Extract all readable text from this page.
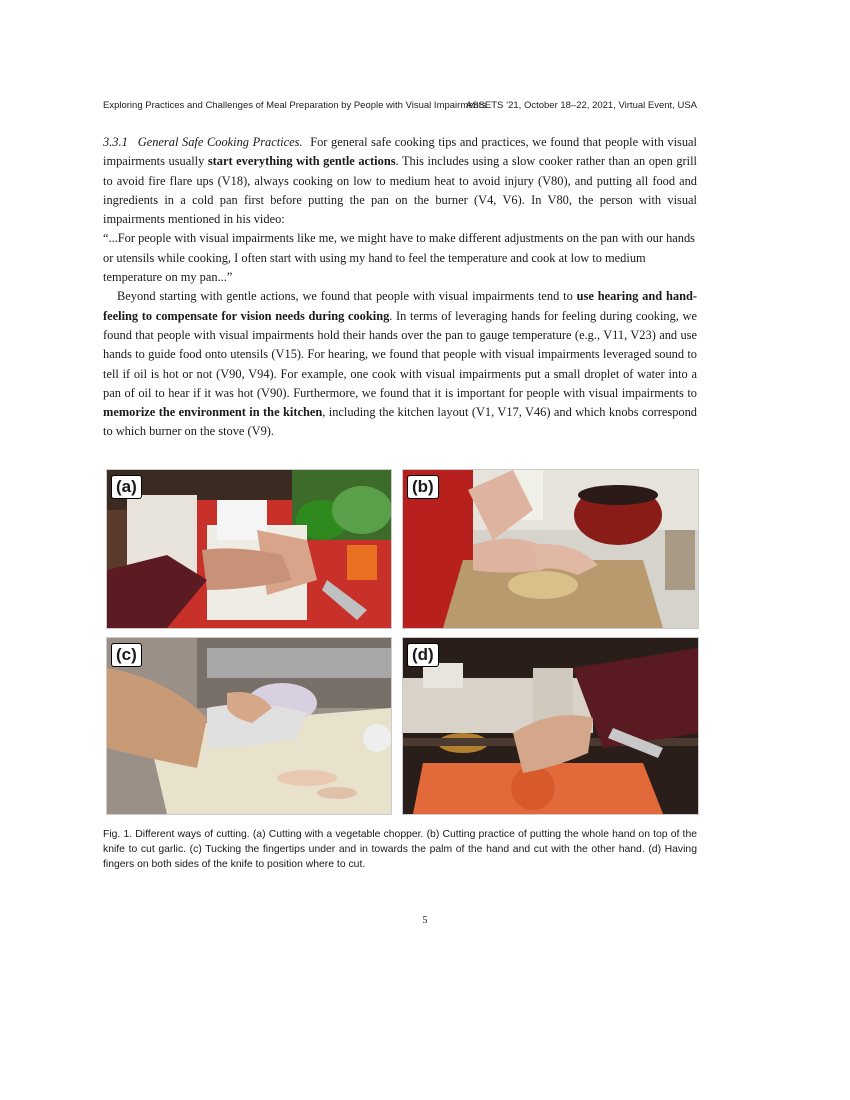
Exploring Practices and Challenges of Meal Preparation by People with Visual Impairments
ASSETS ’21, October 18–22, 2021, Virtual Event, USA

3.3.1 General Safe Cooking Practices. For general safe cooking tips and practices, we found that people with visual impairments usually start everything with gentle actions. This includes using a slow cooker rather than an open grill to avoid fire flare ups (V18), always cooking on low to medium heat to avoid injury (V80), and putting all food and ingredients in a cold pan first before putting the pan on the burner (V4, V6). In V80, the person with visual impairments mentioned in his video:

“...For people with visual impairments like me, we might have to make different adjustments on the pan with our hands or utensils while cooking, I often start with using my hand to feel the temperature and cook at low to medium temperature on my pan...”

Beyond starting with gentle actions, we found that people with visual impairments tend to use hearing and hand-feeling to compensate for vision needs during cooking. In terms of leveraging hands for feeling during cooking, we found that people with visual impairments hold their hands over the pan to gauge temperature (e.g., V11, V23) and use hands to guide food onto utensils (V15). For hearing, we found that people with visual impairments leveraged sound to tell if oil is hot or not (V90, V94). For example, one cook with visual impairments put a small droplet of water into a pan of oil to hear if it was hot (V90). Furthermore, we found that it is important for people with visual impairments to memorize the environment in the kitchen, including the kitchen layout (V1, V17, V46) and which knobs correspond to which burner on the stove (V9).

(a)	(b)
(c)	(d)
Fig. 1. Different ways of cutting. (a) Cutting with a vegetable chopper. (b) Cutting practice of putting the whole hand on top of the knife to cut garlic. (c) Tucking the fingertips under and in towards the palm of the hand and cut with the other hand. (d) Having fingers on both sides of the knife to position where to cut.
5
